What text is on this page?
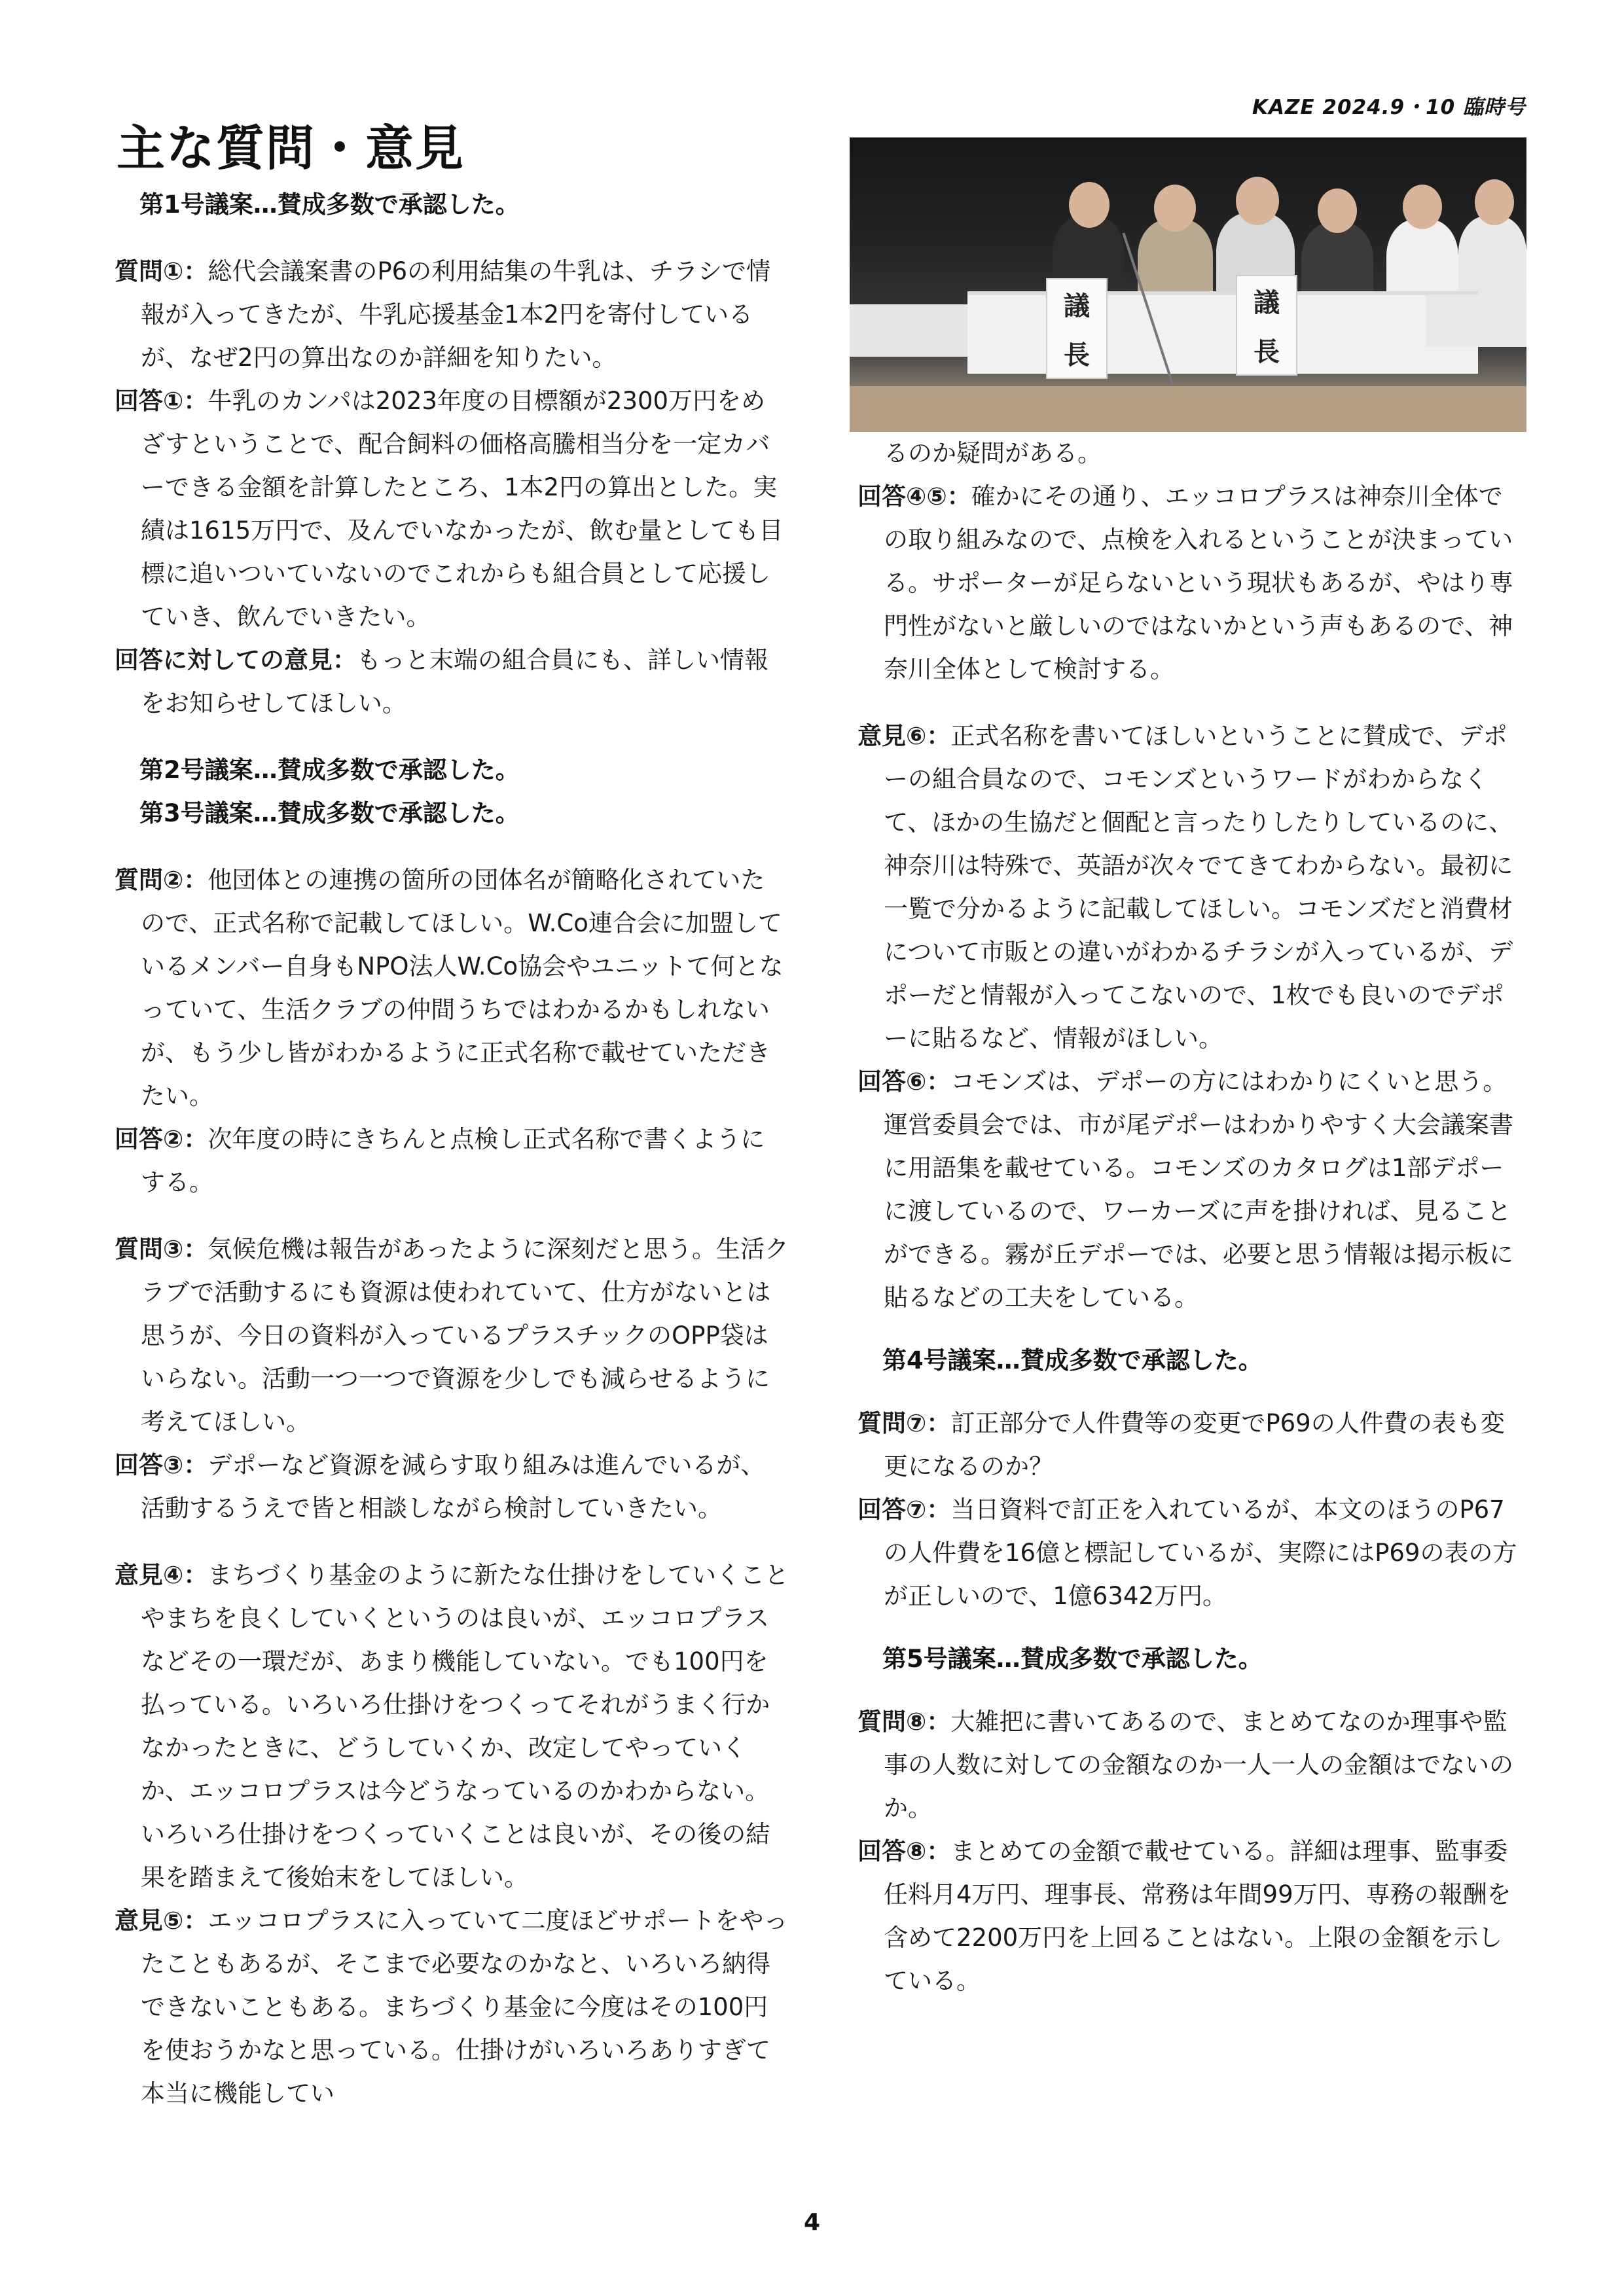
KAZE 2024.9・10 臨時号
主な質問・意見
議
長
議
長

第1号議案…賛成多数で承認した。

質問①：総代会議案書のP6の利用結集の牛乳は、チラシで情報が入ってきたが、牛乳応援基金1本2円を寄付しているが、なぜ2円の算出なのか詳細を知りたい。

回答①：牛乳のカンパは2023年度の目標額が2300万円をめざすということで、配合飼料の価格高騰相当分を一定カバーできる金額を計算したところ、1本2円の算出とした。実績は1615万円で、及んでいなかったが、飲む量としても目標に追いついていないのでこれからも組合員として応援していき、飲んでいきたい。

回答に対しての意見：もっと末端の組合員にも、詳しい情報をお知らせしてほしい。

第2号議案…賛成多数で承認した。

第3号議案…賛成多数で承認した。

質問②：他団体との連携の箇所の団体名が簡略化されていたので、正式名称で記載してほしい。W.Co連合会に加盟しているメンバー自身もNPO法人W.Co協会やユニットて何となっていて、生活クラブの仲間うちではわかるかもしれないが、もう少し皆がわかるように正式名称で載せていただきたい。

回答②：次年度の時にきちんと点検し正式名称で書くようにする。

質問③：気候危機は報告があったように深刻だと思う。生活クラブで活動するにも資源は使われていて、仕方がないとは思うが、今日の資料が入っているプラスチックのOPP袋はいらない。活動一つ一つで資源を少しでも減らせるように考えてほしい。

回答③：デポーなど資源を減らす取り組みは進んでいるが、活動するうえで皆と相談しながら検討していきたい。

意見④：まちづくり基金のように新たな仕掛けをしていくことやまちを良くしていくというのは良いが、エッコロプラスなどその一環だが、あまり機能していない。でも100円を払っている。いろいろ仕掛けをつくってそれがうまく行かなかったときに、どうしていくか、改定してやっていくか、エッコロプラスは今どうなっているのかわからない。いろいろ仕掛けをつくっていくことは良いが、その後の結果を踏まえて後始末をしてほしい。

意見⑤：エッコロプラスに入っていて二度ほどサポートをやったこともあるが、そこまで必要なのかなと、いろいろ納得できないこともある。まちづくり基金に今度はその100円を使おうかなと思っている。仕掛けがいろいろありすぎて本当に機能してい

るのか疑問がある。

回答④⑤：確かにその通り、エッコロプラスは神奈川全体での取り組みなので、点検を入れるということが決まっている。サポーターが足らないという現状もあるが、やはり専門性がないと厳しいのではないかという声もあるので、神奈川全体として検討する。

意見⑥：正式名称を書いてほしいということに賛成で、デポーの組合員なので、コモンズというワードがわからなくて、ほかの生協だと個配と言ったりしたりしているのに、神奈川は特殊で、英語が次々でてきてわからない。最初に一覧で分かるように記載してほしい。コモンズだと消費材について市販との違いがわかるチラシが入っているが、デポーだと情報が入ってこないので、1枚でも良いのでデポーに貼るなど、情報がほしい。

回答⑥：コモンズは、デポーの方にはわかりにくいと思う。運営委員会では、市が尾デポーはわかりやすく大会議案書に用語集を載せている。コモンズのカタログは1部デポーに渡しているので、ワーカーズに声を掛ければ、見ることができる。霧が丘デポーでは、必要と思う情報は掲示板に貼るなどの工夫をしている。

第4号議案…賛成多数で承認した。

質問⑦：訂正部分で人件費等の変更でP69の人件費の表も変更になるのか？

回答⑦：当日資料で訂正を入れているが、本文のほうのP67の人件費を16億と標記しているが、実際にはP69の表の方が正しいので、1億6342万円。

第5号議案…賛成多数で承認した。

質問⑧：大雑把に書いてあるので、まとめてなのか理事や監事の人数に対しての金額なのか一人一人の金額はでないのか。

回答⑧：まとめての金額で載せている。詳細は理事、監事委任料月4万円、理事長、常務は年間99万円、専務の報酬を含めて2200万円を上回ることはない。上限の金額を示している。

4
